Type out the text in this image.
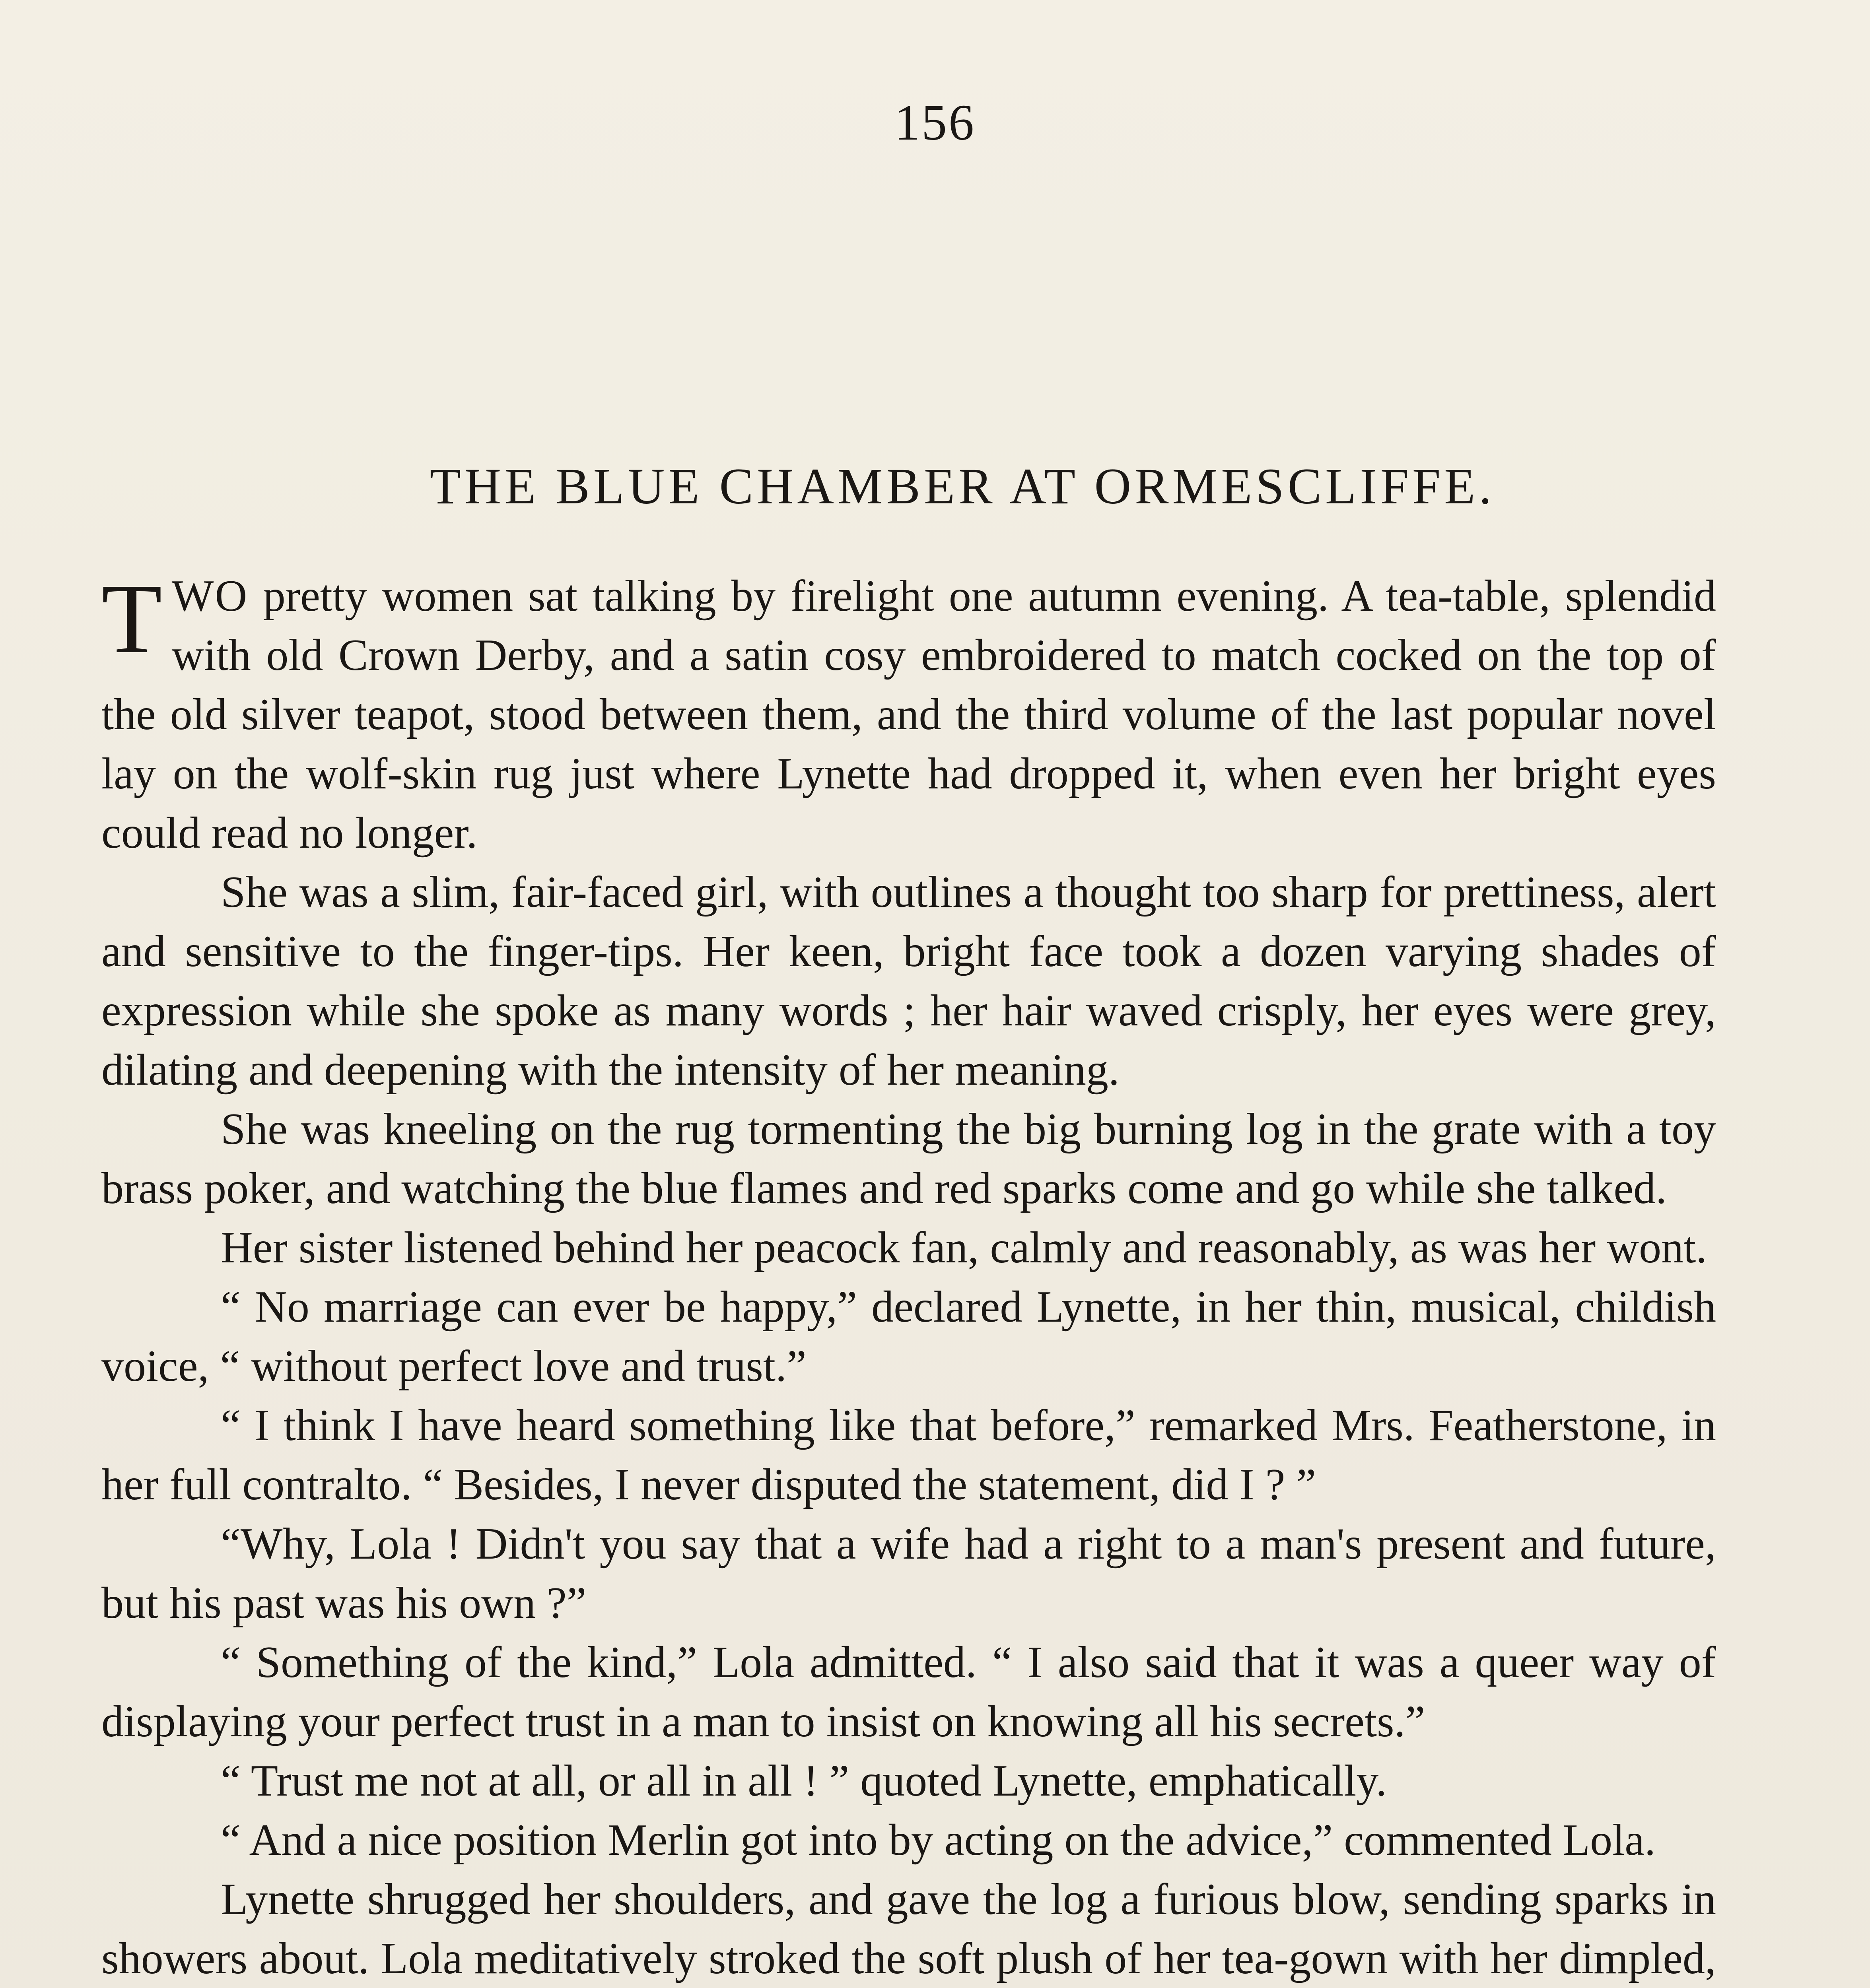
156
THE BLUE CHAMBER AT ORMESCLIFFE.

TWO pretty women sat talking by firelight one autumn evening. A tea-table, splendid with old Crown Derby, and a satin cosy embroidered to match cocked on the top of the old silver teapot, stood between them, and the third volume of the last popular novel lay on the wolf-skin rug just where Lynette had dropped it, when even her bright eyes could read no longer.

She was a slim, fair-faced girl, with outlines a thought too sharp for prettiness, alert and sensitive to the finger-tips. Her keen, bright face took a dozen varying shades of expression while she spoke as many words ; her hair waved crisply, her eyes were grey, dilating and deepening with the intensity of her meaning.

She was kneeling on the rug tormenting the big burning log in the grate with a toy brass poker, and watching the blue flames and red sparks come and go while she talked.

Her sister listened behind her peacock fan, calmly and reasonably, as was her wont.

“ No marriage can ever be happy,” declared Lynette, in her thin, musical, childish voice, “ without perfect love and trust.”

“ I think I have heard something like that before,” remarked Mrs. Featherstone, in her full contralto. “ Besides, I never disputed the statement, did I ? ”

“Why, Lola ! Didn't you say that a wife had a right to a man's present and future, but his past was his own ?”

“ Something of the kind,” Lola admitted. “ I also said that it was a queer way of displaying your perfect trust in a man to insist on knowing all his secrets.”

“ Trust me not at all, or all in all ! ” quoted Lynette, emphatically.

“ And a nice position Merlin got into by acting on the advice,” commented Lola.

Lynette shrugged her shoulders, and gave the log a furious blow, sending sparks in showers about. Lola meditatively stroked the soft plush of her tea-gown with her dimpled,
